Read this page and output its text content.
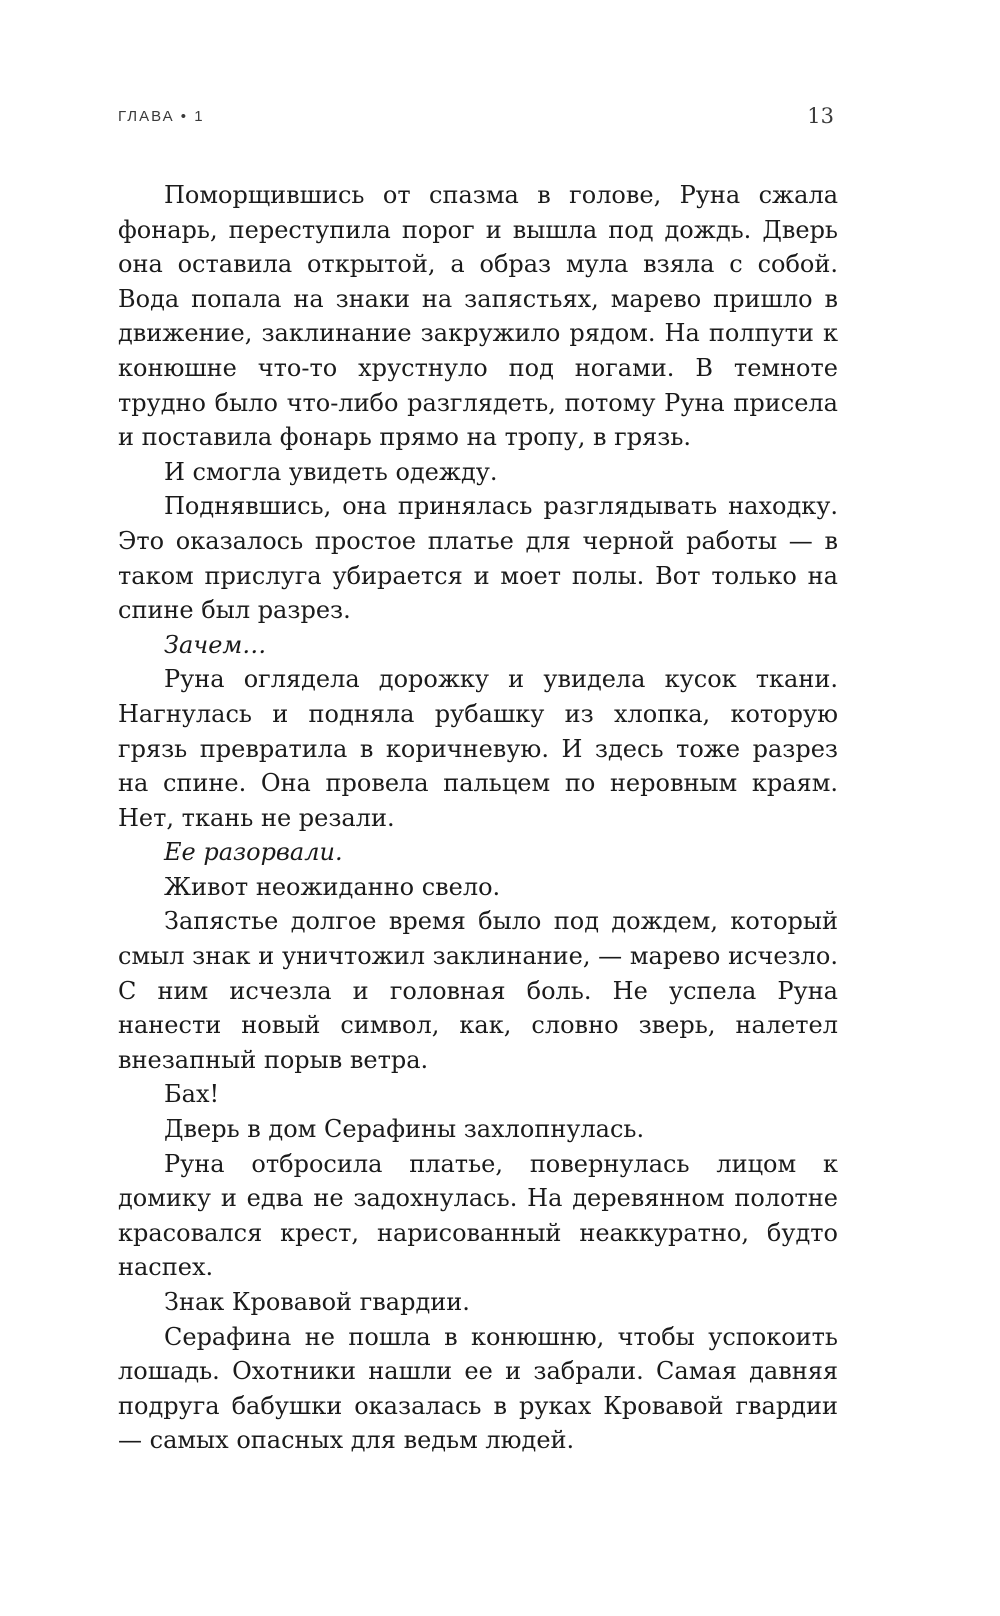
ГЛАВА • 1	13

Поморщившись от спазма в голове, Руна сжала фонарь, переступила порог и вышла под дождь. Дверь она оставила открытой, а образ мула взяла с собой. Вода попала на знаки на запястьях, марево пришло в движение, заклинание закружило рядом. На полпути к конюшне что-то хрустнуло под ногами. В темноте трудно было что-либо разглядеть, потому Руна присела и поставила фонарь прямо на тропу, в грязь.

И смогла увидеть одежду.

Поднявшись, она принялась разглядывать находку. Это оказалось простое платье для черной работы — в таком прислуга убирается и моет полы. Вот только на спине был разрез.

Зачем…

Руна оглядела дорожку и увидела кусок ткани. Нагнулась и подняла рубашку из хлопка, которую грязь превратила в коричневую. И здесь тоже разрез на спине. Она провела пальцем по неровным краям. Нет, ткань не резали.

Ее разорвали.

Живот неожиданно свело.

Запястье долгое время было под дождем, который смыл знак и уничтожил заклинание, — марево исчезло. С ним исчезла и головная боль. Не успела Руна нанести новый символ, как, словно зверь, налетел внезапный порыв ветра.

Бах!

Дверь в дом Серафины захлопнулась.

Руна отбросила платье, повернулась лицом к домику и едва не задохнулась. На деревянном полотне красовался крест, нарисованный неаккуратно, будто наспех.

Знак Кровавой гвардии.

Серафина не пошла в конюшню, чтобы успокоить лошадь. Охотники нашли ее и забрали. Самая давняя подруга бабушки оказалась в руках Кровавой гвардии — самых опасных для ведьм людей.
